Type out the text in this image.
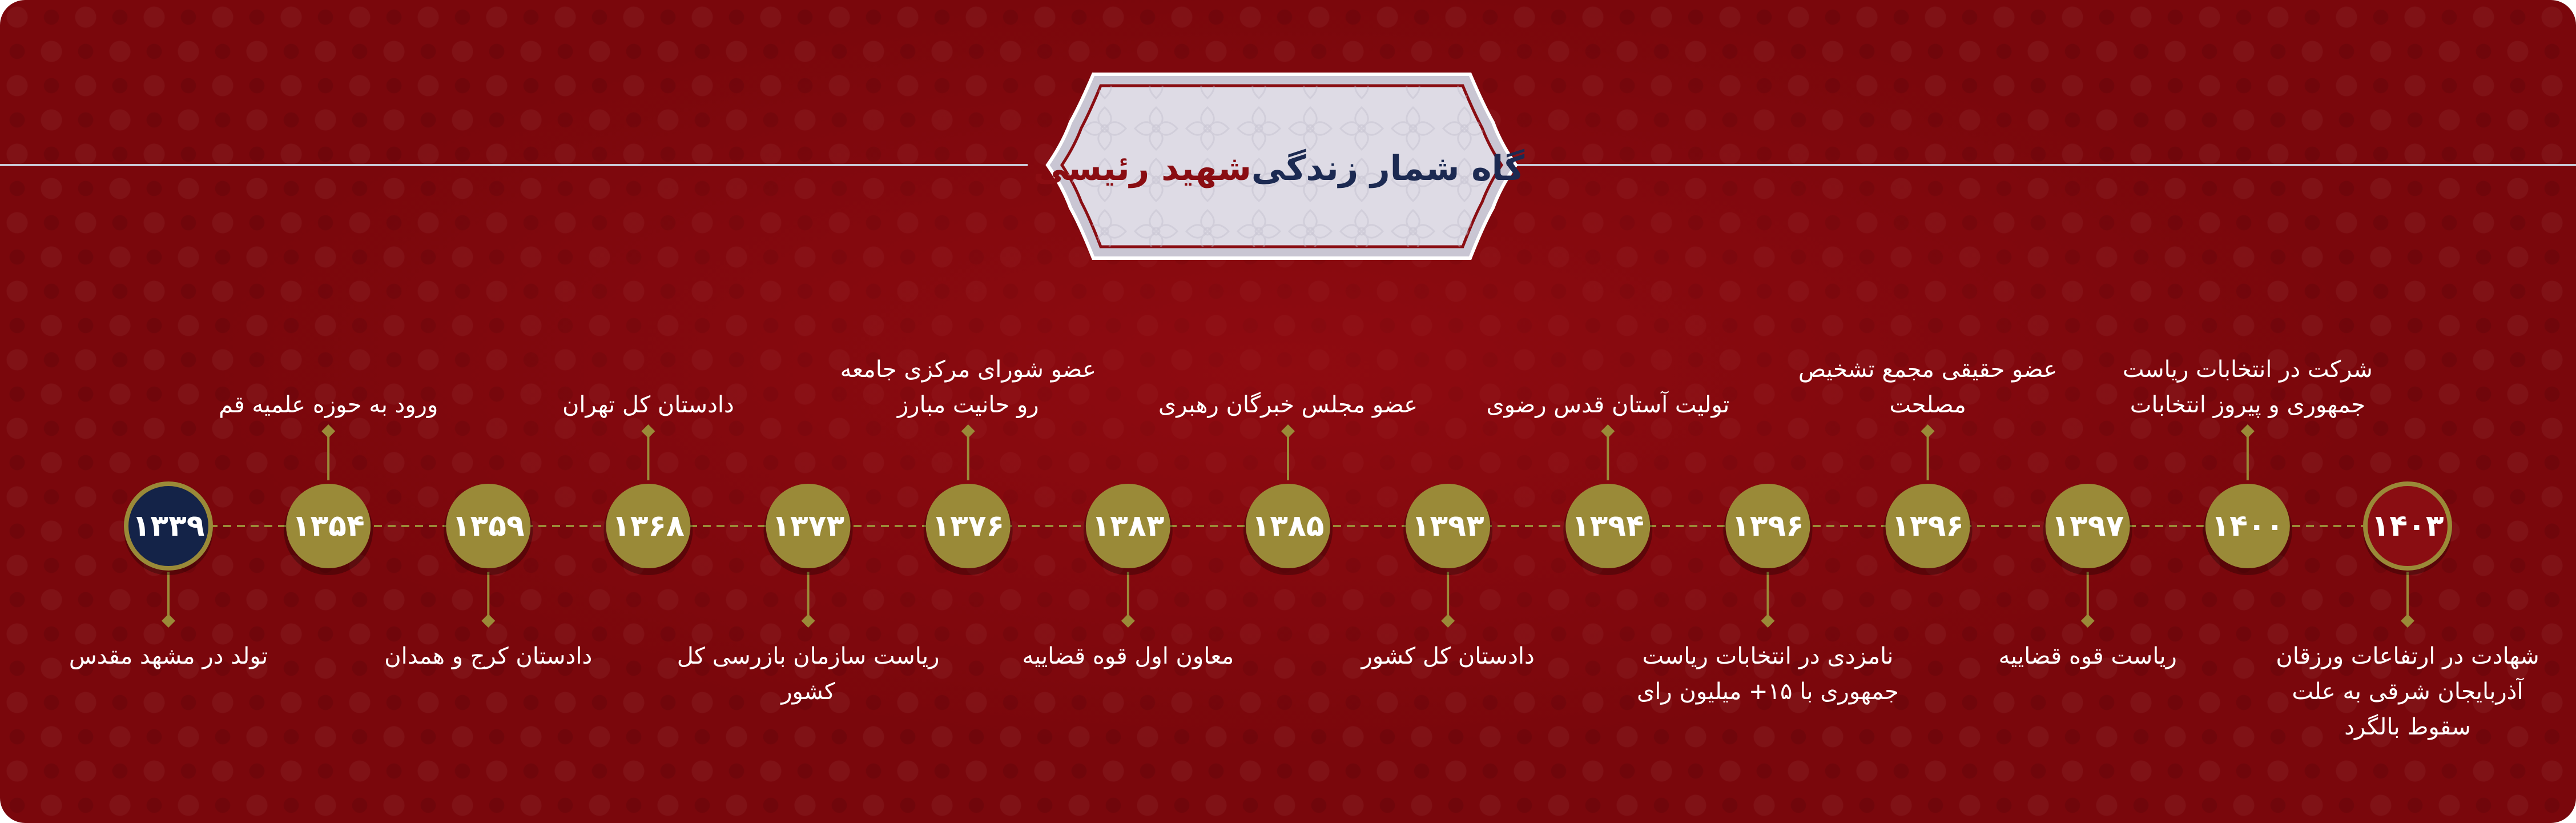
گاه شمار زندگی
شهید رئیسی
۱۳۳۹
تولد در مشهد مقدس
۱۳۵۴
ورود به حوزه علمیه قم
۱۳۵۹
دادستان کرج و همدان
۱۳۶۸
دادستان کل تهران
۱۳۷۳
ریاست سازمان بازرسی کل کشور
۱۳۷۶
عضو شورای مرکزی جامعه رو حانیت مبارز
۱۳۸۳
معاون اول قوه قضاییه
۱۳۸۵
عضو مجلس خبرگان رهبری
۱۳۹۳
دادستان کل کشور
۱۳۹۴
تولیت آستان قدس رضوی
۱۳۹۶
نامزدی در انتخابات ریاست جمهوری با ۱۵+ میلیون رای
۱۳۹۶
عضو حقیقی مجمع تشخیص مصلحت
۱۳۹۷
ریاست قوه قضاییه
۱۴۰۰
شرکت در انتخابات ریاست جمهوری و پیروز انتخابات
۱۴۰۳
شهادت در ارتفاعات ورزقان آذربایجان شرقی به علت سقوط بالگرد
